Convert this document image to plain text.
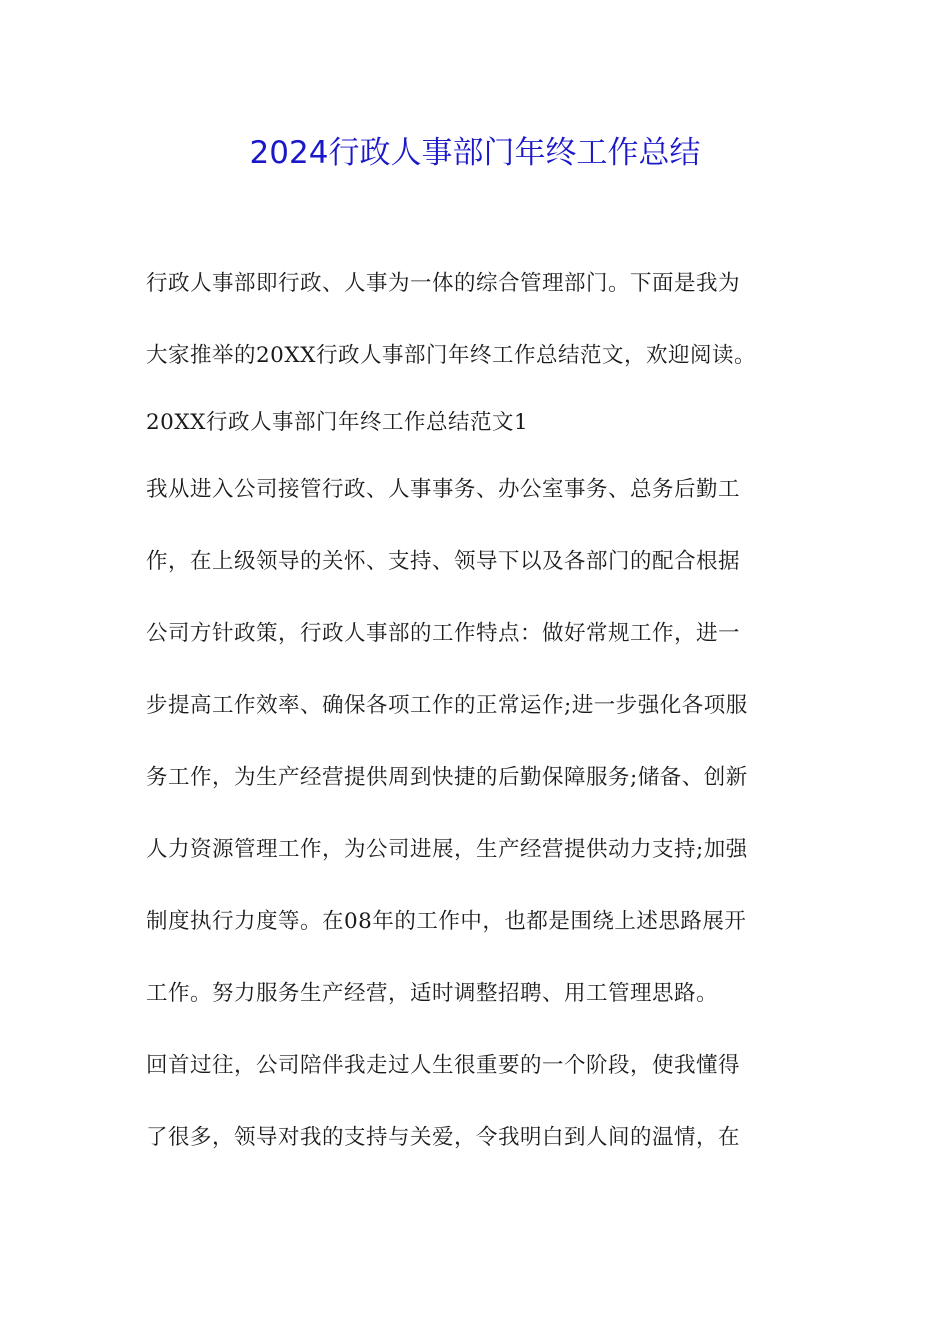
2024行政人事部门年终工作总结
行政人事部即行政、人事为一体的综合管理部门。下面是我为
大家推举的20XX行政人事部门年终工作总结范文，欢迎阅读。
20XX行政人事部门年终工作总结范文1
我从进入公司接管行政、人事事务、办公室事务、总务后勤工
作，在上级领导的关怀、支持、领导下以及各部门的配合根据
公司方针政策，行政人事部的工作特点：做好常规工作，进一
步提高工作效率、确保各项工作的正常运作;进一步强化各项服
务工作，为生产经营提供周到快捷的后勤保障服务;储备、创新
人力资源管理工作，为公司进展，生产经营提供动力支持;加强
制度执行力度等。在08年的工作中，也都是围绕上述思路展开
工作。努力服务生产经营，适时调整招聘、用工管理思路。
回首过往，公司陪伴我走过人生很重要的一个阶段，使我懂得
了很多，领导对我的支持与关爱，令我明白到人间的温情，在
